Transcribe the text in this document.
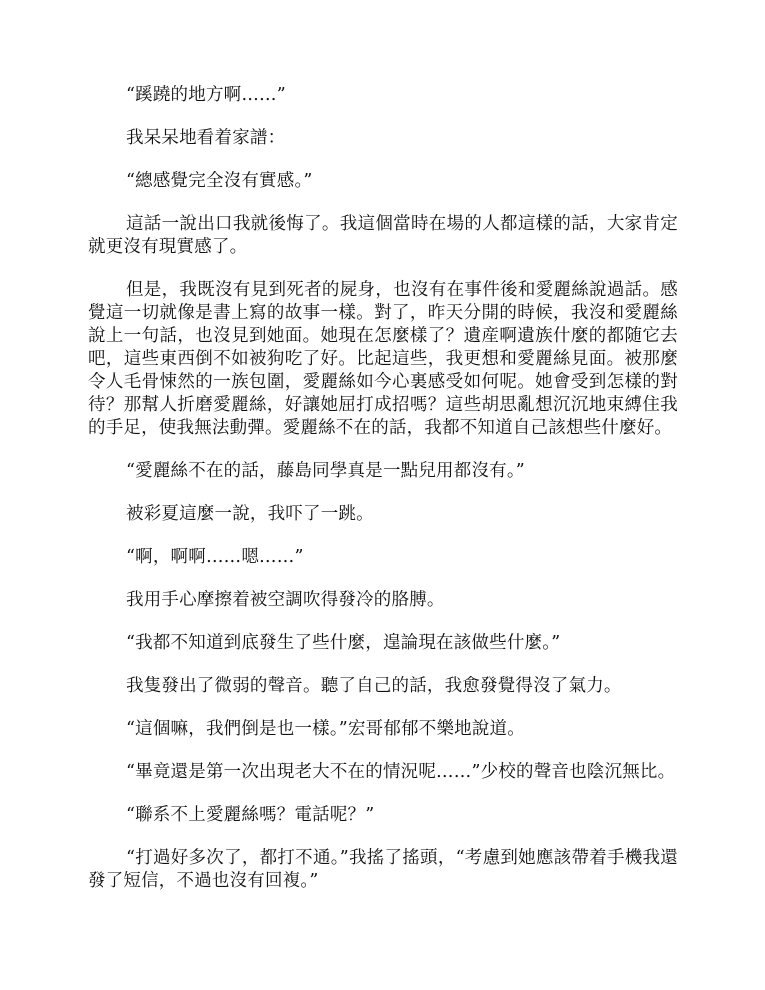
“蹊蹺的地方啊……”

我呆呆地看着家譜：

“總感覺完全沒有實感。”

這話一說出口我就後悔了。我這個當時在場的人都這樣的話，大家肯定就更沒有現實感了。

但是，我既沒有見到死者的屍身，也沒有在事件後和愛麗絲說過話。感覺這一切就像是書上寫的故事一樣。對了，昨天分開的時候，我沒和愛麗絲說上一句話，也沒見到她面。她現在怎麼樣了？遺産啊遺族什麼的都随它去吧，這些東西倒不如被狗吃了好。比起這些，我更想和愛麗絲見面。被那麼令人毛骨悚然的一族包圍，愛麗絲如今心裏感受如何呢。她會受到怎樣的對待？那幫人折磨愛麗絲，好讓她屈打成招嗎？這些胡思亂想沉沉地束縛住我的手足，使我無法動彈。愛麗絲不在的話，我都不知道自己該想些什麼好。

“愛麗絲不在的話，藤島同學真是一點兒用都沒有。”

被彩夏這麼一說，我吓了一跳。

“啊，啊啊……嗯……”

我用手心摩擦着被空調吹得發冷的胳膊。

“我都不知道到底發生了些什麼，遑論現在該做些什麼。”

我隻發出了微弱的聲音。聽了自己的話，我愈發覺得沒了氣力。

“這個嘛，我們倒是也一樣。”宏哥郁郁不樂地說道。

“畢竟還是第一次出現老大不在的情況呢……”少校的聲音也陰沉無比。

“聯系不上愛麗絲嗎？電話呢？”

“打過好多次了，都打不通。”我搖了搖頭，“考慮到她應該帶着手機我還發了短信，不過也沒有回複。”
